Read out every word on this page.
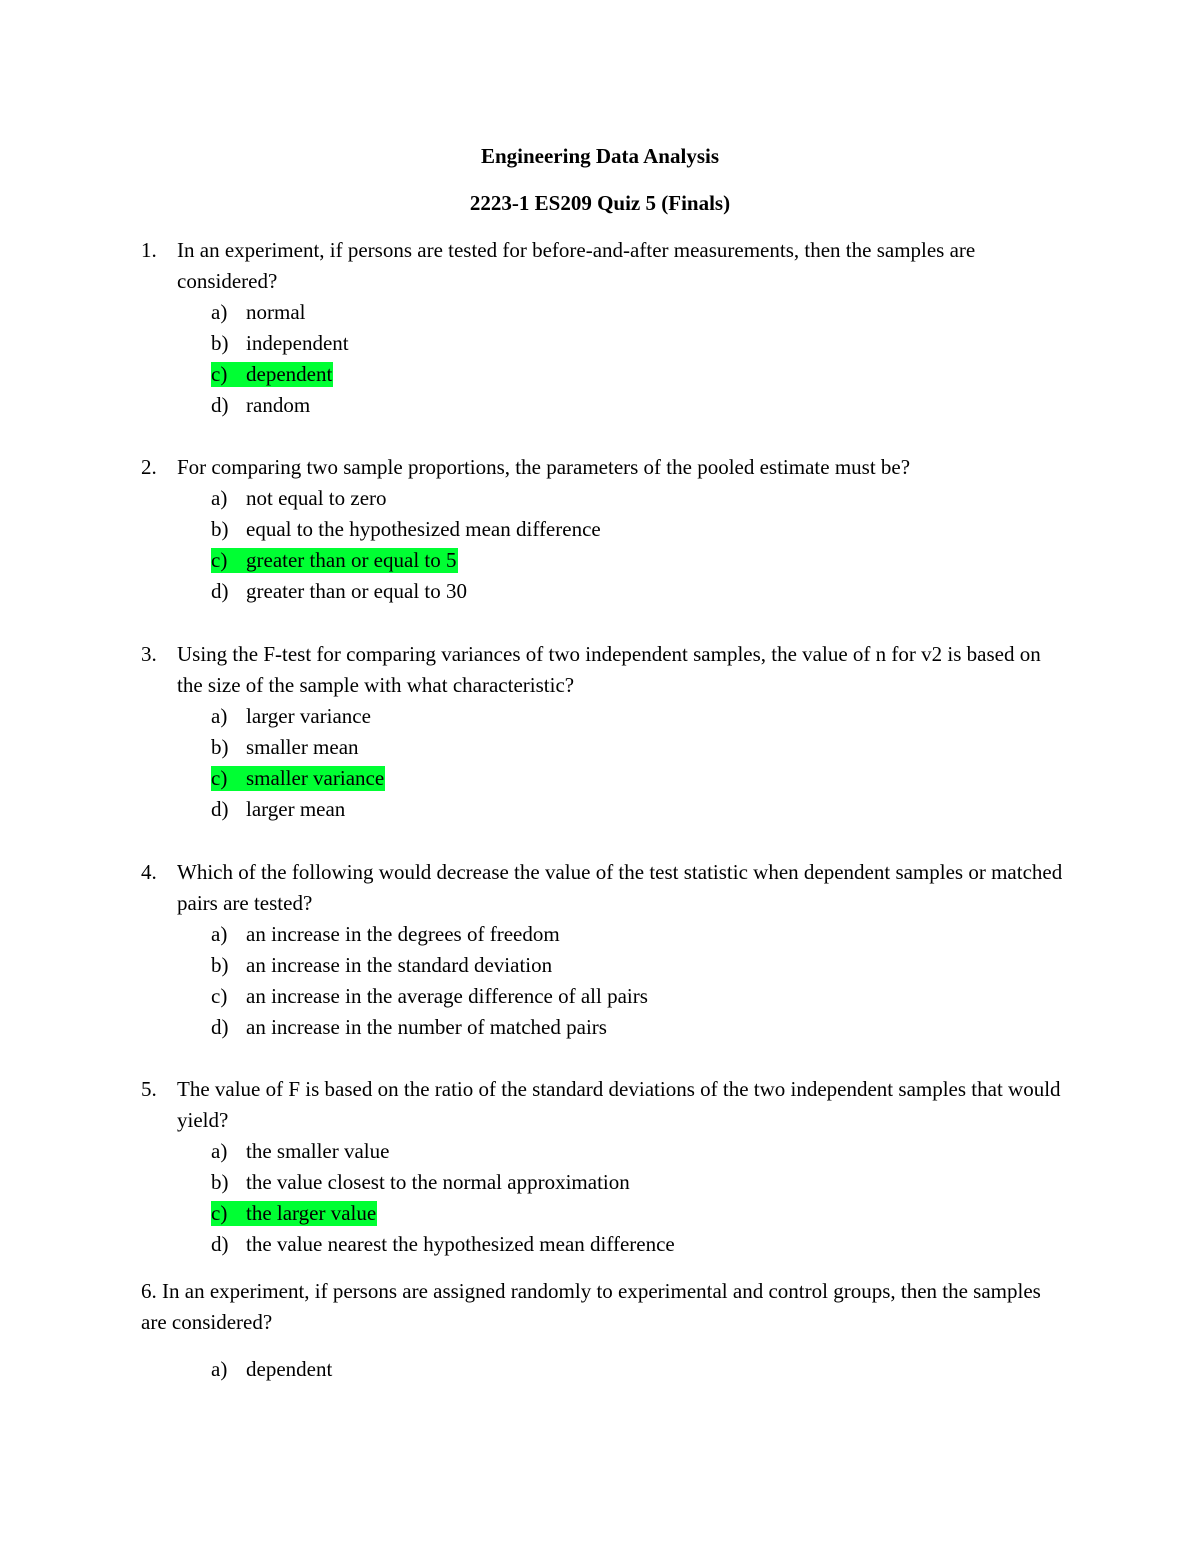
Engineering Data Analysis
2223-1 ES209 Quiz 5 (Finals)
1. In an experiment, if persons are tested for before-and-after measurements, then the samples are considered?
a) normal
b) independent
c) dependent
d) random
2. For comparing two sample proportions, the parameters of the pooled estimate must be?
a) not equal to zero
b) equal to the hypothesized mean difference
c) greater than or equal to 5
d) greater than or equal to 30
3. Using the F-test for comparing variances of two independent samples, the value of n for v2 is based on the size of the sample with what characteristic?
a) larger variance
b) smaller mean
c) smaller variance
d) larger mean
4. Which of the following would decrease the value of the test statistic when dependent samples or matched pairs are tested?
a) an increase in the degrees of freedom
b) an increase in the standard deviation
c) an increase in the average difference of all pairs
d) an increase in the number of matched pairs
5. The value of F is based on the ratio of the standard deviations of the two independent samples that would yield?
a) the smaller value
b) the value closest to the normal approximation
c) the larger value
d) the value nearest the hypothesized mean difference
6. In an experiment, if persons are assigned randomly to experimental and control groups, then the samples are considered?
a) dependent
